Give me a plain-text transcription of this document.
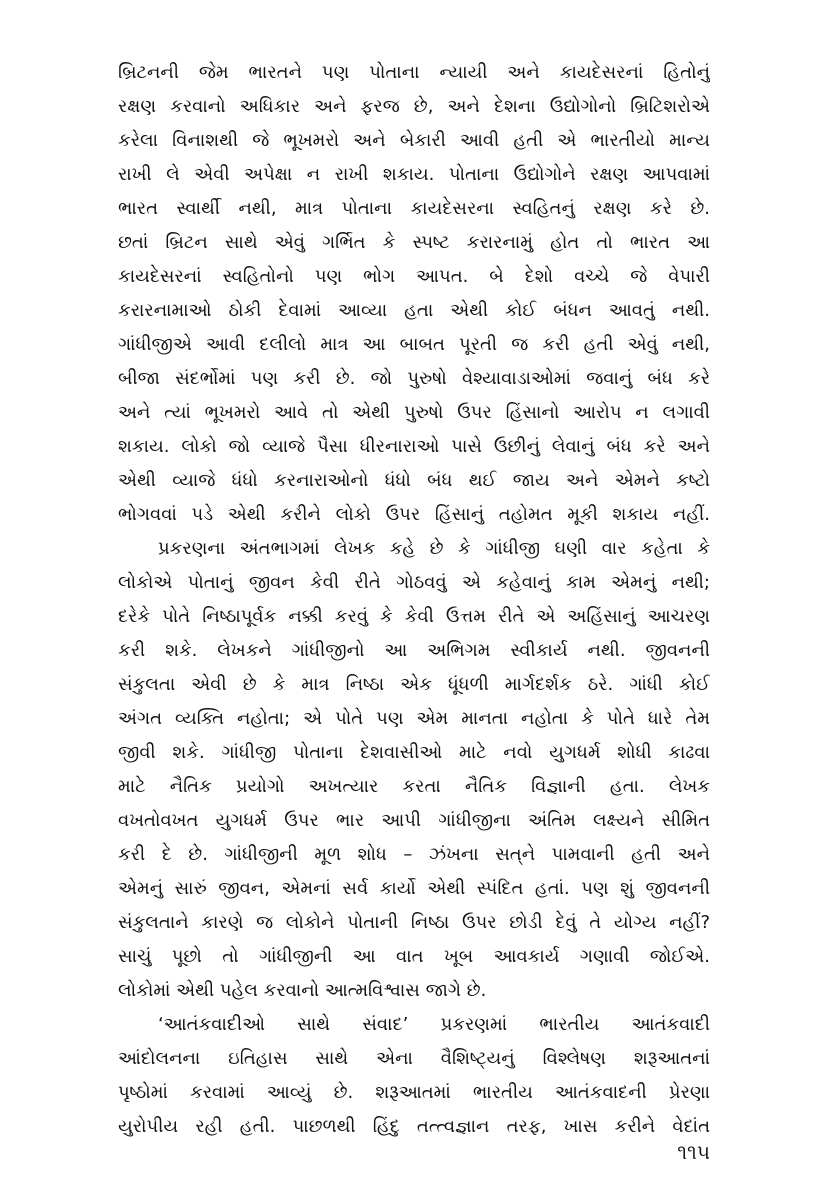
બ્રિટનની જેમ ભારતને પણ પોતાના ન્યાયી અને કાયદેસરનાં હિતોનું
રક્ષણ કરવાનો અધિકાર અને ફરજ છે, અને દેશના ઉદ્યોગોનો બ્રિટિશરોએ
કરેલા વિનાશથી જે ભૂખમરો અને બેકારી આવી હતી એ ભારતીયો માન્ય
રાખી લે એવી અપેક્ષા ન રાખી શકાય. પોતાના ઉદ્યોગોને રક્ષણ આપવામાં
ભારત સ્વાર્થી નથી, માત્ર પોતાના કાયદેસરના સ્વહિતનું રક્ષણ કરે છે.
છતાં બ્રિટન સાથે એવું ગર્ભિત કે સ્પષ્ટ કરારનામું હોત તો ભારત આ
કાયદેસરનાં સ્વહિતોનો પણ ભોગ આપત. બે દેશો વચ્ચે જે વેપારી
કરારનામાઓ ઠોકી દેવામાં આવ્યા હતા એથી કોઈ બંધન આવતું નથી.
ગાંધીજીએ આવી દલીલો માત્ર આ બાબત પૂરતી જ કરી હતી એવું નથી,
બીજા સંદર્ભોમાં પણ કરી છે. જો પુરુષો વેશ્યાવાડાઓમાં જવાનું બંધ કરે
અને ત્યાં ભૂખમરો આવે તો એથી પુરુષો ઉપર હિંસાનો આરોપ ન લગાવી
શકાય. લોકો જો વ્યાજે પૈસા ધીરનારાઓ પાસે ઉછીનું લેવાનું બંધ કરે અને
એથી વ્યાજે ધંધો કરનારાઓનો ધંધો બંધ થઈ જાય અને એમને કષ્ટો
ભોગવવાં પડે એથી કરીને લોકો ઉપર હિંસાનું તહોમત મૂકી શકાય નહીં.
પ્રકરણના અંતભાગમાં લેખક કહે છે કે ગાંધીજી ઘણી વાર કહેતા કે
લોકોએ પોતાનું જીવન કેવી રીતે ગોઠવવું એ કહેવાનું કામ એમનું નથી;
દરેકે પોતે નિષ્ઠાપૂર્વક નક્કી કરવું કે કેવી ઉત્તમ રીતે એ અહિંસાનું આચરણ
કરી શકે. લેખકને ગાંધીજીનો આ અભિગમ સ્વીકાર્ય નથી. જીવનની
સંકુલતા એવી છે કે માત્ર નિષ્ઠા એક ધૂંધળી માર્ગદર્શક ઠરે. ગાંધી કોઈ
અંગત વ્યક્તિ નહોતા; એ પોતે પણ એમ માનતા નહોતા કે પોતે ધારે તેમ
જીવી શકે. ગાંધીજી પોતાના દેશવાસીઓ માટે નવો યુગધર્મ શોધી કાઢવા
માટે નૈતિક પ્રયોગો અખત્યાર કરતા નૈતિક વિજ્ઞાની હતા. લેખક
વખતોવખત યુગધર્મ ઉપર ભાર આપી ગાંધીજીના અંતિમ લક્ષ્યને સીમિત
કરી દે છે. ગાંધીજીની મૂળ શોધ – ઝંખના સત્‌ને પામવાની હતી અને
એમનું સારું જીવન, એમનાં સર્વ કાર્યો એથી સ્પંદિત હતાં. પણ શું જીવનની
સંકુલતાને કારણે જ લોકોને પોતાની નિષ્ઠા ઉપર છોડી દેવું તે યોગ્ય નહીં?
સાચું પૂછો તો ગાંધીજીની આ વાત ખૂબ આવકાર્ય ગણાવી જોઈએ.
લોકોમાં એથી પહેલ કરવાનો આત્મવિશ્વાસ જાગે છે.
‘આતંકવાદીઓ સાથે સંવાદ’ પ્રકરણમાં ભારતીય આતંકવાદી
આંદોલનના ઇતિહાસ સાથે એના વૈશિષ્ટ્યનું વિશ્લેષણ શરૂઆતનાં
પૃષ્ઠોમાં કરવામાં આવ્યું છે. શરૂઆતમાં ભારતીય આતંકવાદની પ્રેરણા
યુરોપીય રહી હતી. પાછળથી હિંદુ તત્ત્વજ્ઞાન તરફ, ખાસ કરીને વેદાંત
૧૧૫
